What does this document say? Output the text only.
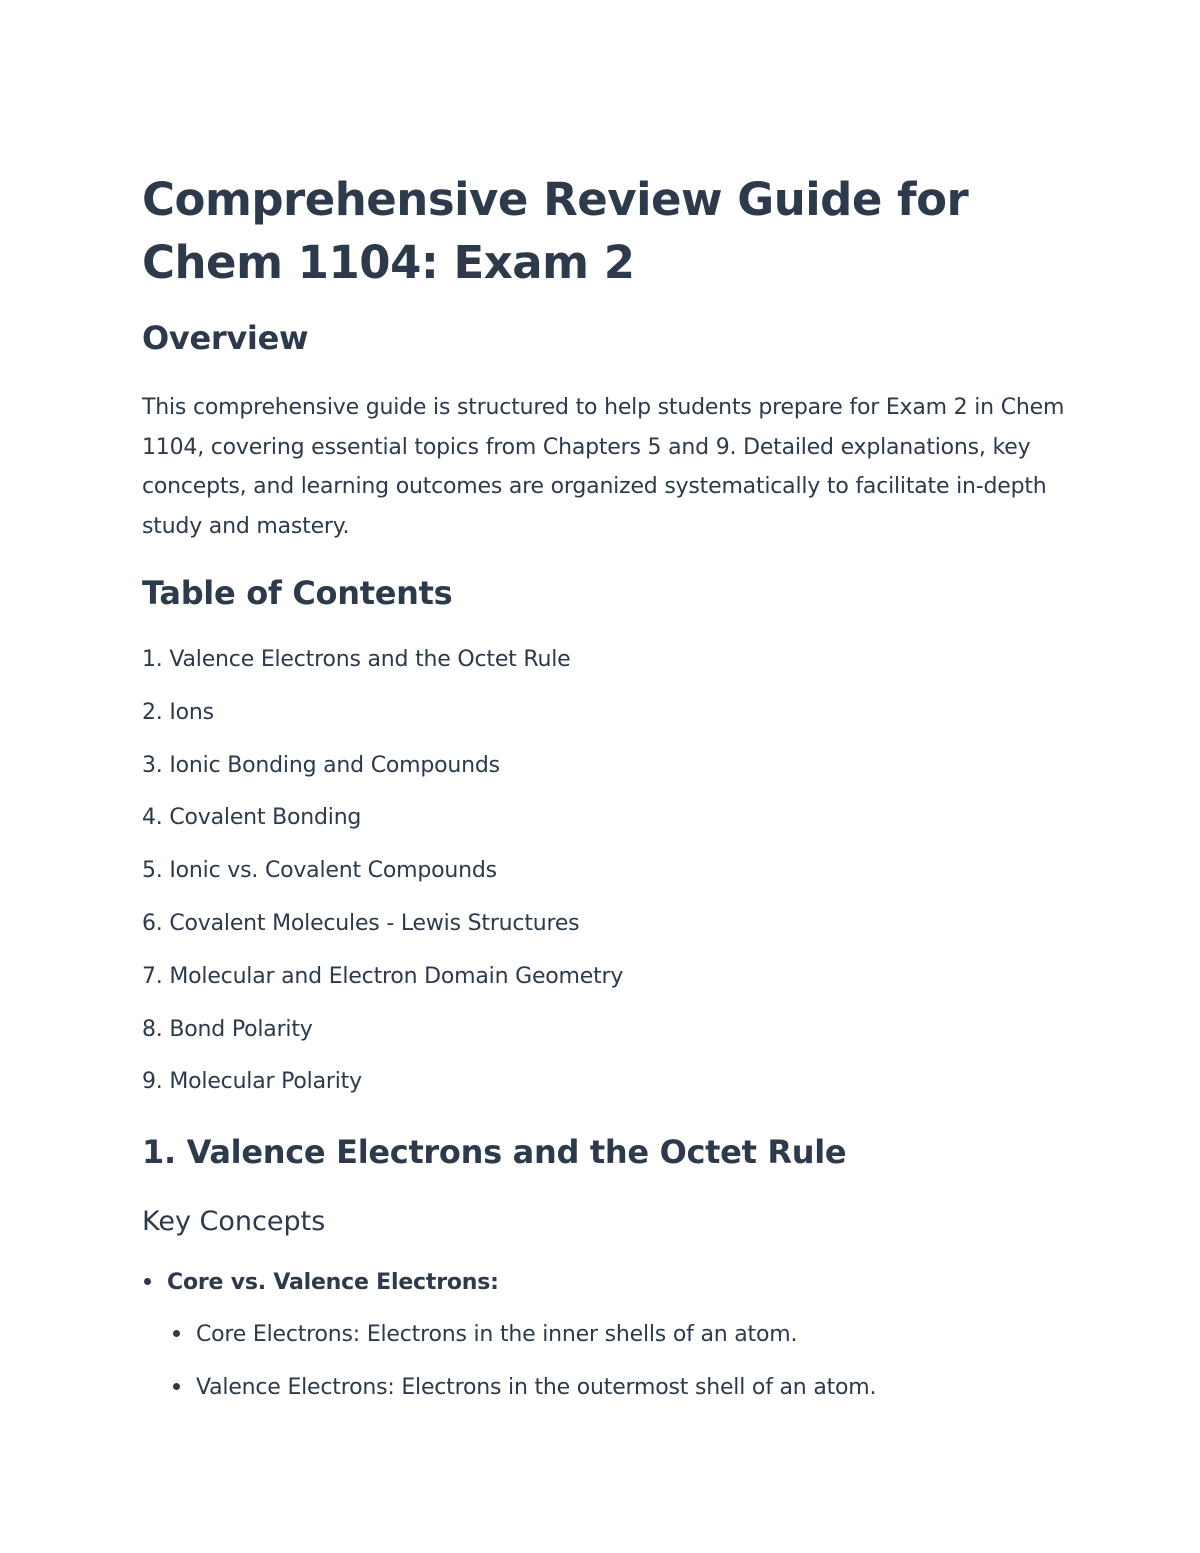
Comprehensive Review Guide for Chem 1104: Exam 2
Overview

This comprehensive guide is structured to help students prepare for Exam 2 in Chem 1104, covering essential topics from Chapters 5 and 9. Detailed explanations, key concepts, and learning outcomes are organized systematically to facilitate in-depth study and mastery.

Table of Contents
1. Valence Electrons and the Octet Rule
2. Ions
3. Ionic Bonding and Compounds
4. Covalent Bonding
5. Ionic vs. Covalent Compounds
6. Covalent Molecules - Lewis Structures
7. Molecular and Electron Domain Geometry
8. Bond Polarity
9. Molecular Polarity
1. Valence Electrons and the Octet Rule
Key Concepts
Core vs. Valence Electrons:
Core Electrons: Electrons in the inner shells of an atom.
Valence Electrons: Electrons in the outermost shell of an atom.
